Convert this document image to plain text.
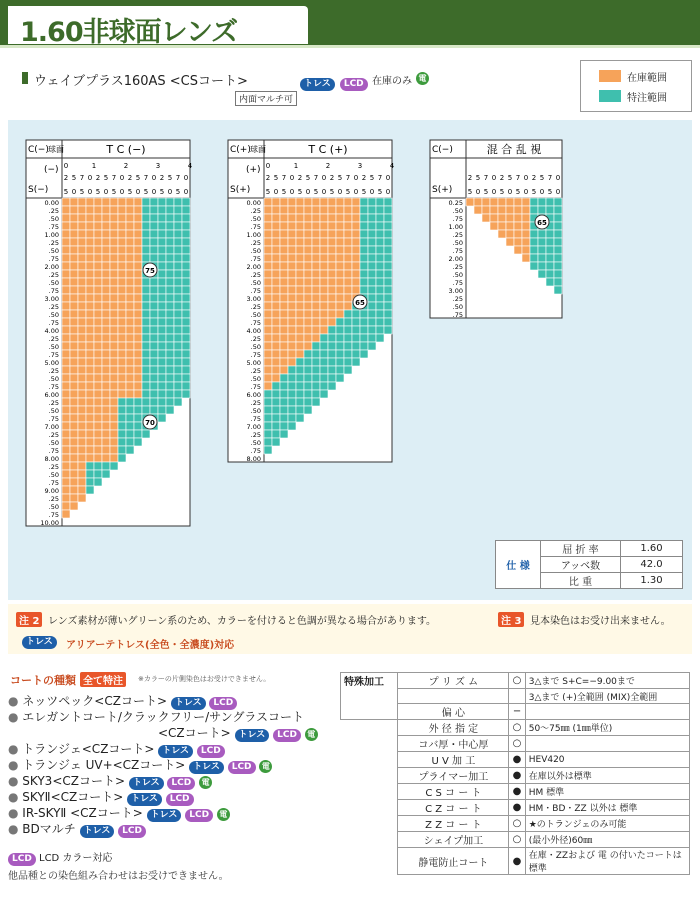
1.60非球面レンズ
ウェイブプラス160AS <CSコート>	トレス LCD 在庫のみ 電
内面マルチ可
在庫範囲
特注範囲
C(−)
S(−)
球面
(−)
T C (−)
2
5
5
0
7
5
0
0
1
2
5
5
0
7
5
0
0
2
2
5
5
0
7
5
0
0
3
2
5
5
0
7
5
0
0
4
0
0.00
.25
.50
.75
1.00
.25
.50
.75
2.00
.25
.50
.75
3.00
.25
.50
.75
4.00
.25
.50
.75
5.00
.25
.50
.75
6.00
.25
.50
.75
7.00
.25
.50
.75
8.00
.25
.50
.75
9.00
.25
.50
.75
10.00
75
70
C(+)
S(+)
球面
(+)
T C (+)
2
5
5
0
7
5
0
0
1
2
5
5
0
7
5
0
0
2
2
5
5
0
7
5
0
0
3
2
5
5
0
7
5
0
0
4
0
0.00
.25
.50
.75
1.00
.25
.50
.75
2.00
.25
.50
.75
3.00
.25
.50
.75
4.00
.25
.50
.75
5.00
.25
.50
.75
6.00
.25
.50
.75
7.00
.25
.50
.75
8.00
65
C(−)
S(+)
混 合 乱 視
2
5
5
0
7
5
0
0
2
5
5
0
7
5
0
0
2
5
5
0
7
5
0
0
0.25
.50
.75
1.00
.25
.50
.75
2.00
.25
.50
.75
3.00
.25
.50
.75
65
仕 様	屈 折 率	1.60
	アッベ数	42.0
	比 重	1.30
注 2 レンズ素材が薄いグリーン系のため、カラーを付けると色調が異なる場合があります。	注 3 見本染色はお受け出来ません。
トレス	アリアーテトレス(全色・全濃度)対応
コートの種類 全て特注	※カラーの片側染色はお受けできません。
● ネッツペック<CZコート> トレス LCD
● エレガントコート/クラックフリー/サングラスコート
<CZコート> トレス LCD 電
● トランジェ<CZコート> トレス LCD
● トランジェ UV+<CZコート> トレス LCD 電
● SKY3<CZコート> トレス LCD 電
● SKYⅡ<CZコート> トレス LCD
● IR-SKYⅡ <CZコート> トレス LCD 電
● BDマルチ トレス LCD
LCD LCD カラー対応
他品種との染色組み合わせはお受けできません。
特殊加工	プ リ ズ ム	○	3△まで S+C=−9.00まで
			3△まで (+)全範囲 (MIX)全範囲
	偏 心	−	
	外 径 指 定	○	50〜75㎜ (1㎜単位)
	コバ厚・中心厚	○	
	U V 加 工	●	HEV420
	プライマー加工	●	在庫以外は標準
	C S コ ー ト	●	HM 標準
	C Z コ ー ト	●	HM・BD・ZZ 以外は 標準
	Z Z コ ー ト	○	★のトランジェのみ可能
	シェイプ加工	○	(最小外径)60㎜
	静電防止コート	●	在庫・ZZおよび 電 の付いたコートは標準
